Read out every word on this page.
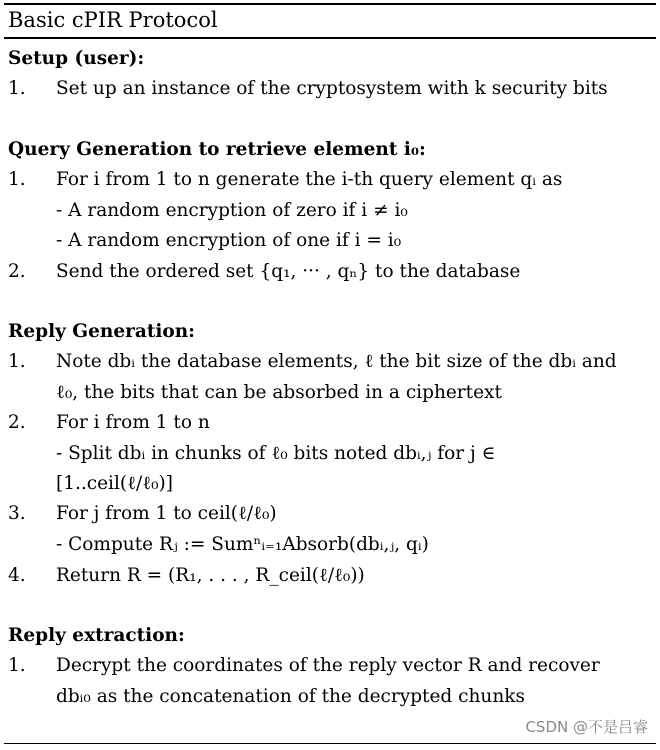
Basic cPIR Protocol
Setup (user):
1.	Set up an instance of the cryptosystem with k security bits
Query Generation to retrieve element i₀:
1.	For i from 1 to n generate the i-th query element qᵢ as
- A random encryption of zero if i ≠ i₀
- A random encryption of one if i = i₀
2.	Send the ordered set {q₁, ··· , qₙ} to the database
Reply Generation:
1.	Note dbᵢ the database elements, ℓ the bit size of the dbᵢ and
ℓ₀, the bits that can be absorbed in a ciphertext
2.	For i from 1 to n
- Split dbᵢ in chunks of ℓ₀ bits noted dbᵢ,ⱼ for j ∈
[1..ceil(ℓ/ℓ₀)]
3.	For j from 1 to ceil(ℓ/ℓ₀)
- Compute Rⱼ := Sumⁿᵢ₌₁Absorb(dbᵢ,ⱼ, qᵢ)
4.	Return R = (R₁, . . . , R_ceil(ℓ/ℓ₀))
Reply extraction:
1.	Decrypt the coordinates of the reply vector R and recover
dbᵢ₀ as the concatenation of the decrypted chunks
CSDN @不是吕睿
